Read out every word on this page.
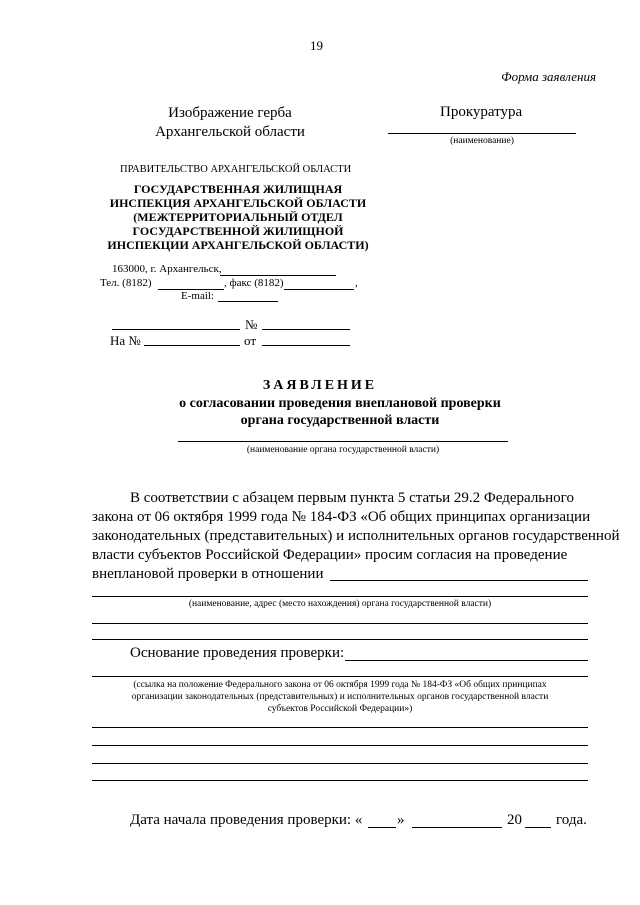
19
Форма заявления
Изображение герба
Архангельской области
Прокуратура
(наименование)
ПРАВИТЕЛЬСТВО АРХАНГЕЛЬСКОЙ ОБЛАСТИ
ГОСУДАРСТВЕННАЯ ЖИЛИЩНАЯ
ИНСПЕКЦИЯ АРХАНГЕЛЬСКОЙ ОБЛАСТИ
(МЕЖТЕРРИТОРИАЛЬНЫЙ ОТДЕЛ
ГОСУДАРСТВЕННОЙ ЖИЛИЩНОЙ
ИНСПЕКЦИИ АРХАНГЕЛЬСКОЙ ОБЛАСТИ)
163000, г. Архангельск,
Тел. (8182)	, факс (8182)	,
E-mail:
№
На №	от
ЗАЯВЛЕНИЕ
о согласовании проведения внеплановой проверки
органа государственной власти
(наименование органа государственной власти)
В соответствии с абзацем первым пункта 5 статьи 29.2 Федерального
закона от 06 октября 1999 года № 184-ФЗ «Об общих принципах организации
законодательных (представительных) и исполнительных органов государственной
власти субъектов Российской Федерации» просим согласия на проведение
внеплановой проверки в отношении
(наименование, адрес (место нахождения) органа государственной власти)
Основание проведения проверки:
(ссылка на положение Федерального закона от 06 октября 1999 года № 184-ФЗ «Об общих принципах
организации законодательных (представительных) и исполнительных органов государственной власти
субъектов Российской Федерации»)
Дата начала проведения проверки: « »	20 года.
